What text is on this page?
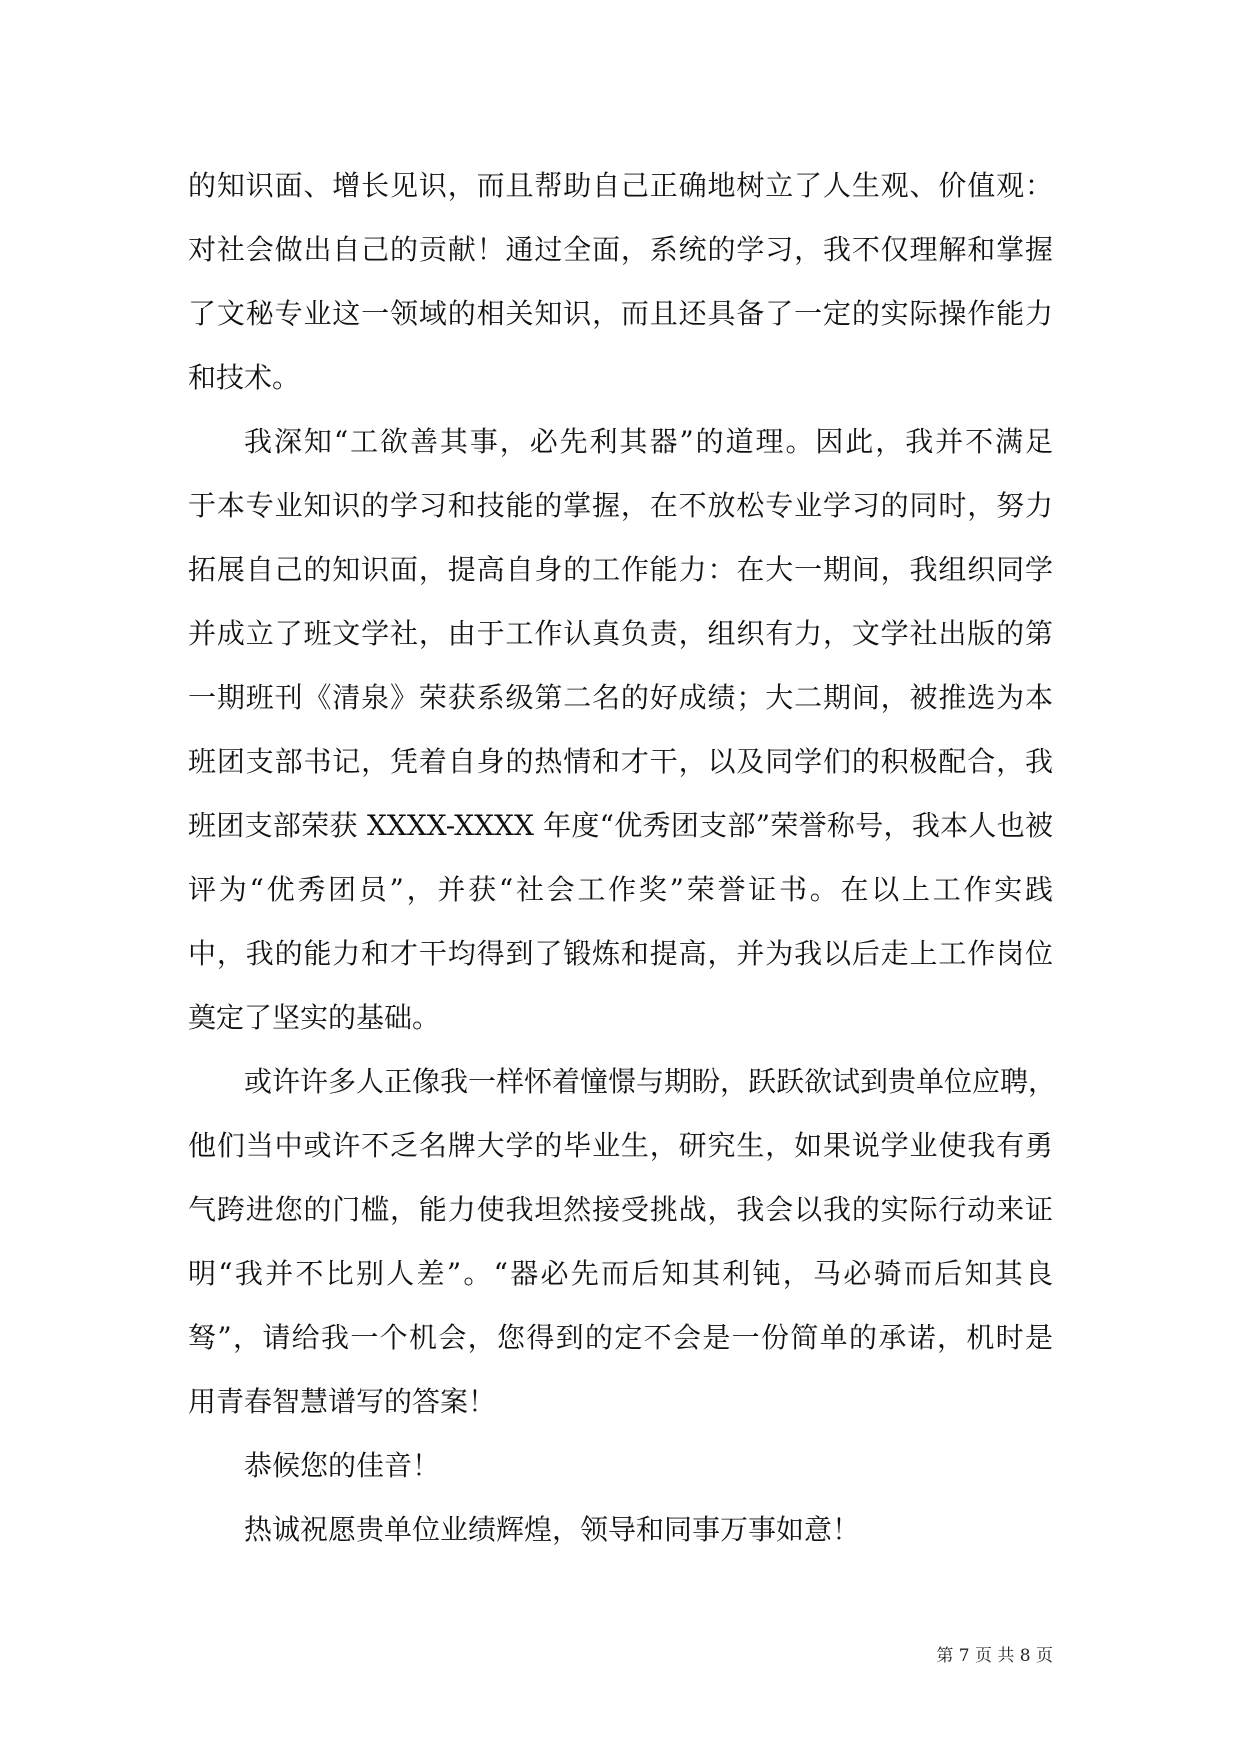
的知识面、增长见识，而且帮助自己正确地树立了人生观、价值观：
对社会做出自己的贡献！通过全面，系统的学习，我不仅理解和掌握
了文秘专业这一领域的相关知识，而且还具备了一定的实际操作能力
和技术。
我深知“工欲善其事，必先利其器”的道理。因此，我并不满足
于本专业知识的学习和技能的掌握，在不放松专业学习的同时，努力
拓展自己的知识面，提高自身的工作能力：在大一期间，我组织同学
并成立了班文学社，由于工作认真负责，组织有力，文学社出版的第
一期班刊《清泉》荣获系级第二名的好成绩；大二期间，被推选为本
班团支部书记，凭着自身的热情和才干，以及同学们的积极配合，我
班团支部荣获 XXXX-XXXX 年度“优秀团支部”荣誉称号，我本人也被
评为“优秀团员”，并获“社会工作奖”荣誉证书。在以上工作实践
中，我的能力和才干均得到了锻炼和提高，并为我以后走上工作岗位
奠定了坚实的基础。
或许许多人正像我一样怀着憧憬与期盼，跃跃欲试到贵单位应聘，
他们当中或许不乏名牌大学的毕业生，研究生，如果说学业使我有勇
气跨进您的门槛，能力使我坦然接受挑战，我会以我的实际行动来证
明“我并不比别人差”。“器必先而后知其利钝，马必骑而后知其良
驽”，请给我一个机会，您得到的定不会是一份简单的承诺，机时是
用青春智慧谱写的答案！
恭候您的佳音！
热诚祝愿贵单位业绩辉煌，领导和同事万事如意！
第 7 页 共 8 页
